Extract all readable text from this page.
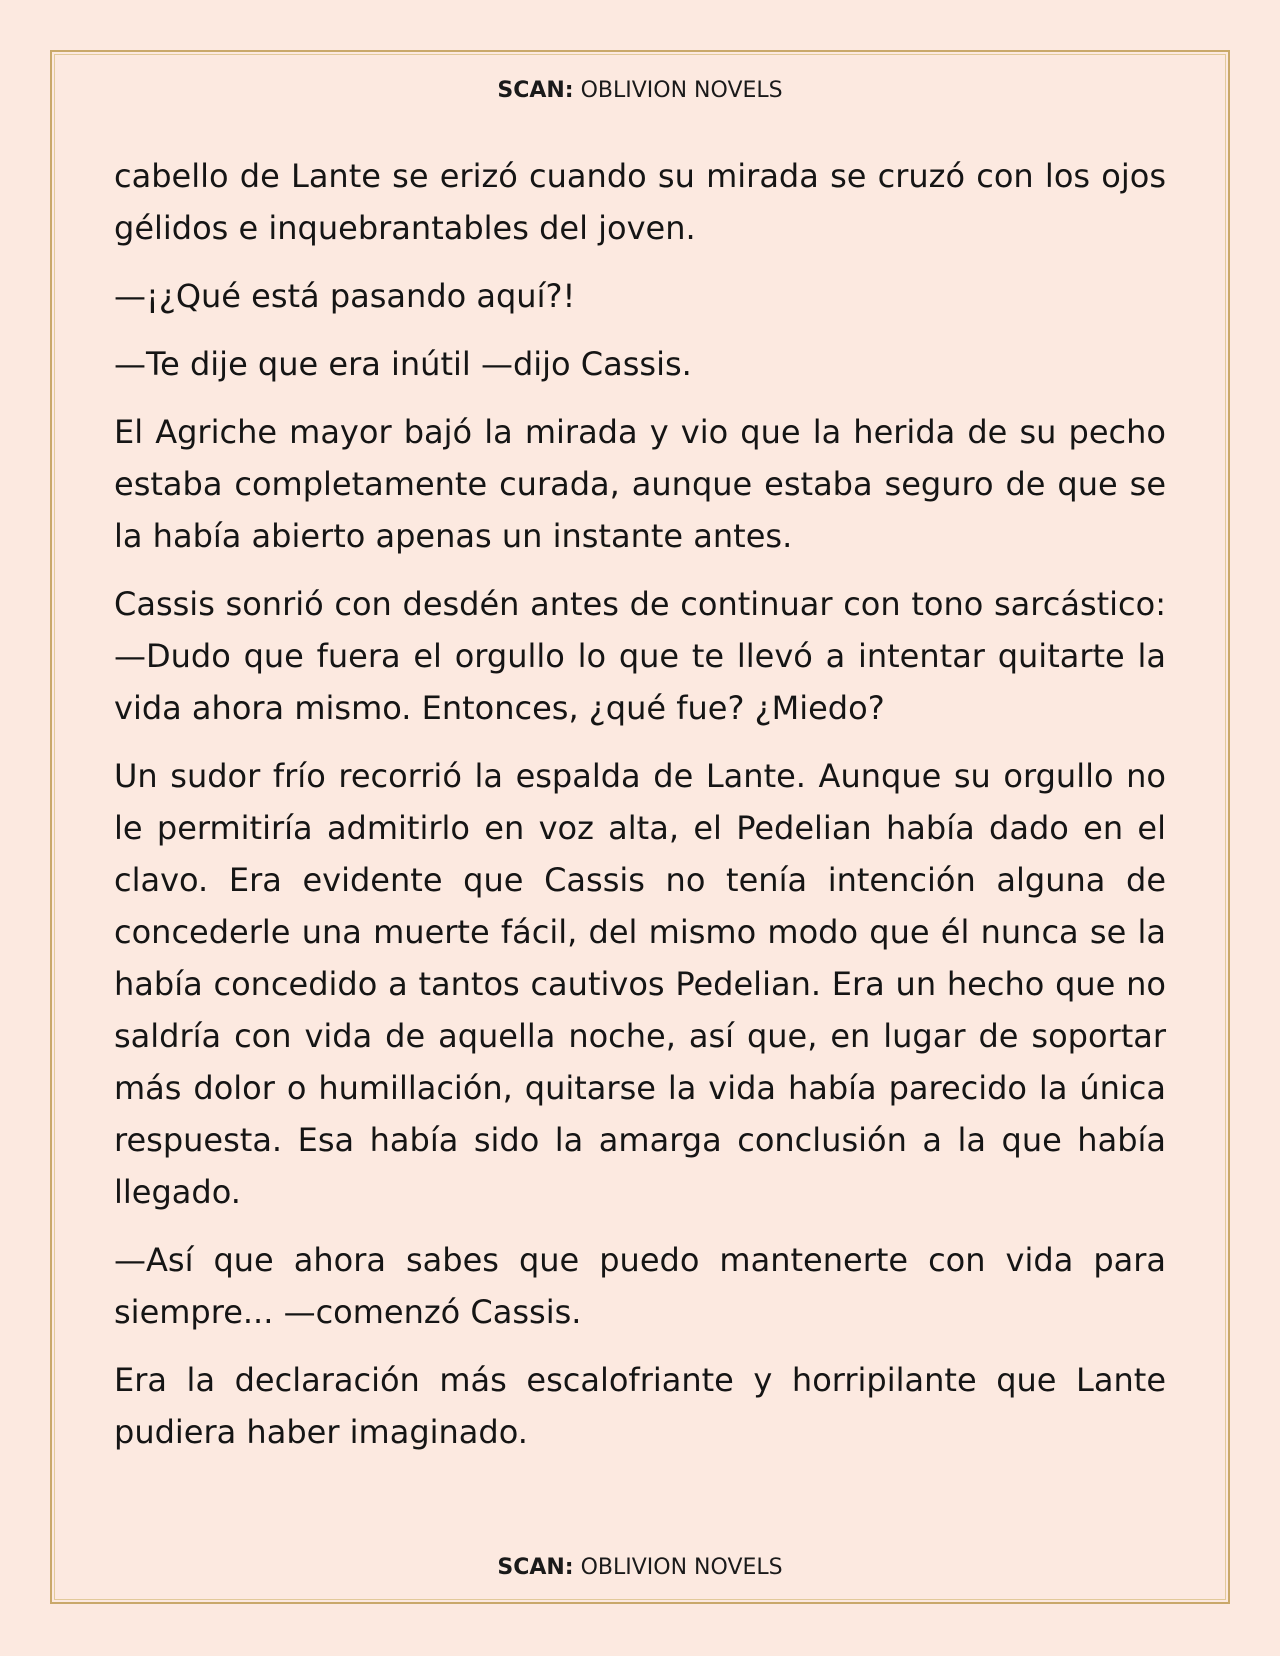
SCAN: OBLIVION NOVELS

cabello de Lante se erizó cuando su mirada se cruzó con los ojos gélidos e inquebrantables del joven.

—¡¿Qué está pasando aquí?!

—Te dije que era inútil —dijo Cassis.

El Agriche mayor bajó la mirada y vio que la herida de su pecho estaba completamente curada, aunque estaba seguro de que se la había abierto apenas un instante antes.

Cassis sonrió con desdén antes de continuar con tono sarcástico: —Dudo que fuera el orgullo lo que te llevó a intentar quitarte la vida ahora mismo. Entonces, ¿qué fue? ¿Miedo?

Un sudor frío recorrió la espalda de Lante. Aunque su orgullo no le permitiría admitirlo en voz alta, el Pedelian había dado en el clavo. Era evidente que Cassis no tenía intención alguna de concederle una muerte fácil, del mismo modo que él nunca se la había concedido a tantos cautivos Pedelian. Era un hecho que no saldría con vida de aquella noche, así que, en lugar de soportar más dolor o humillación, quitarse la vida había parecido la única respuesta. Esa había sido la amarga conclusión a la que había llegado.

—Así que ahora sabes que puedo mantenerte con vida para siempre... —comenzó Cassis.

Era la declaración más escalofriante y horripilante que Lante pudiera haber imaginado.

SCAN: OBLIVION NOVELS
